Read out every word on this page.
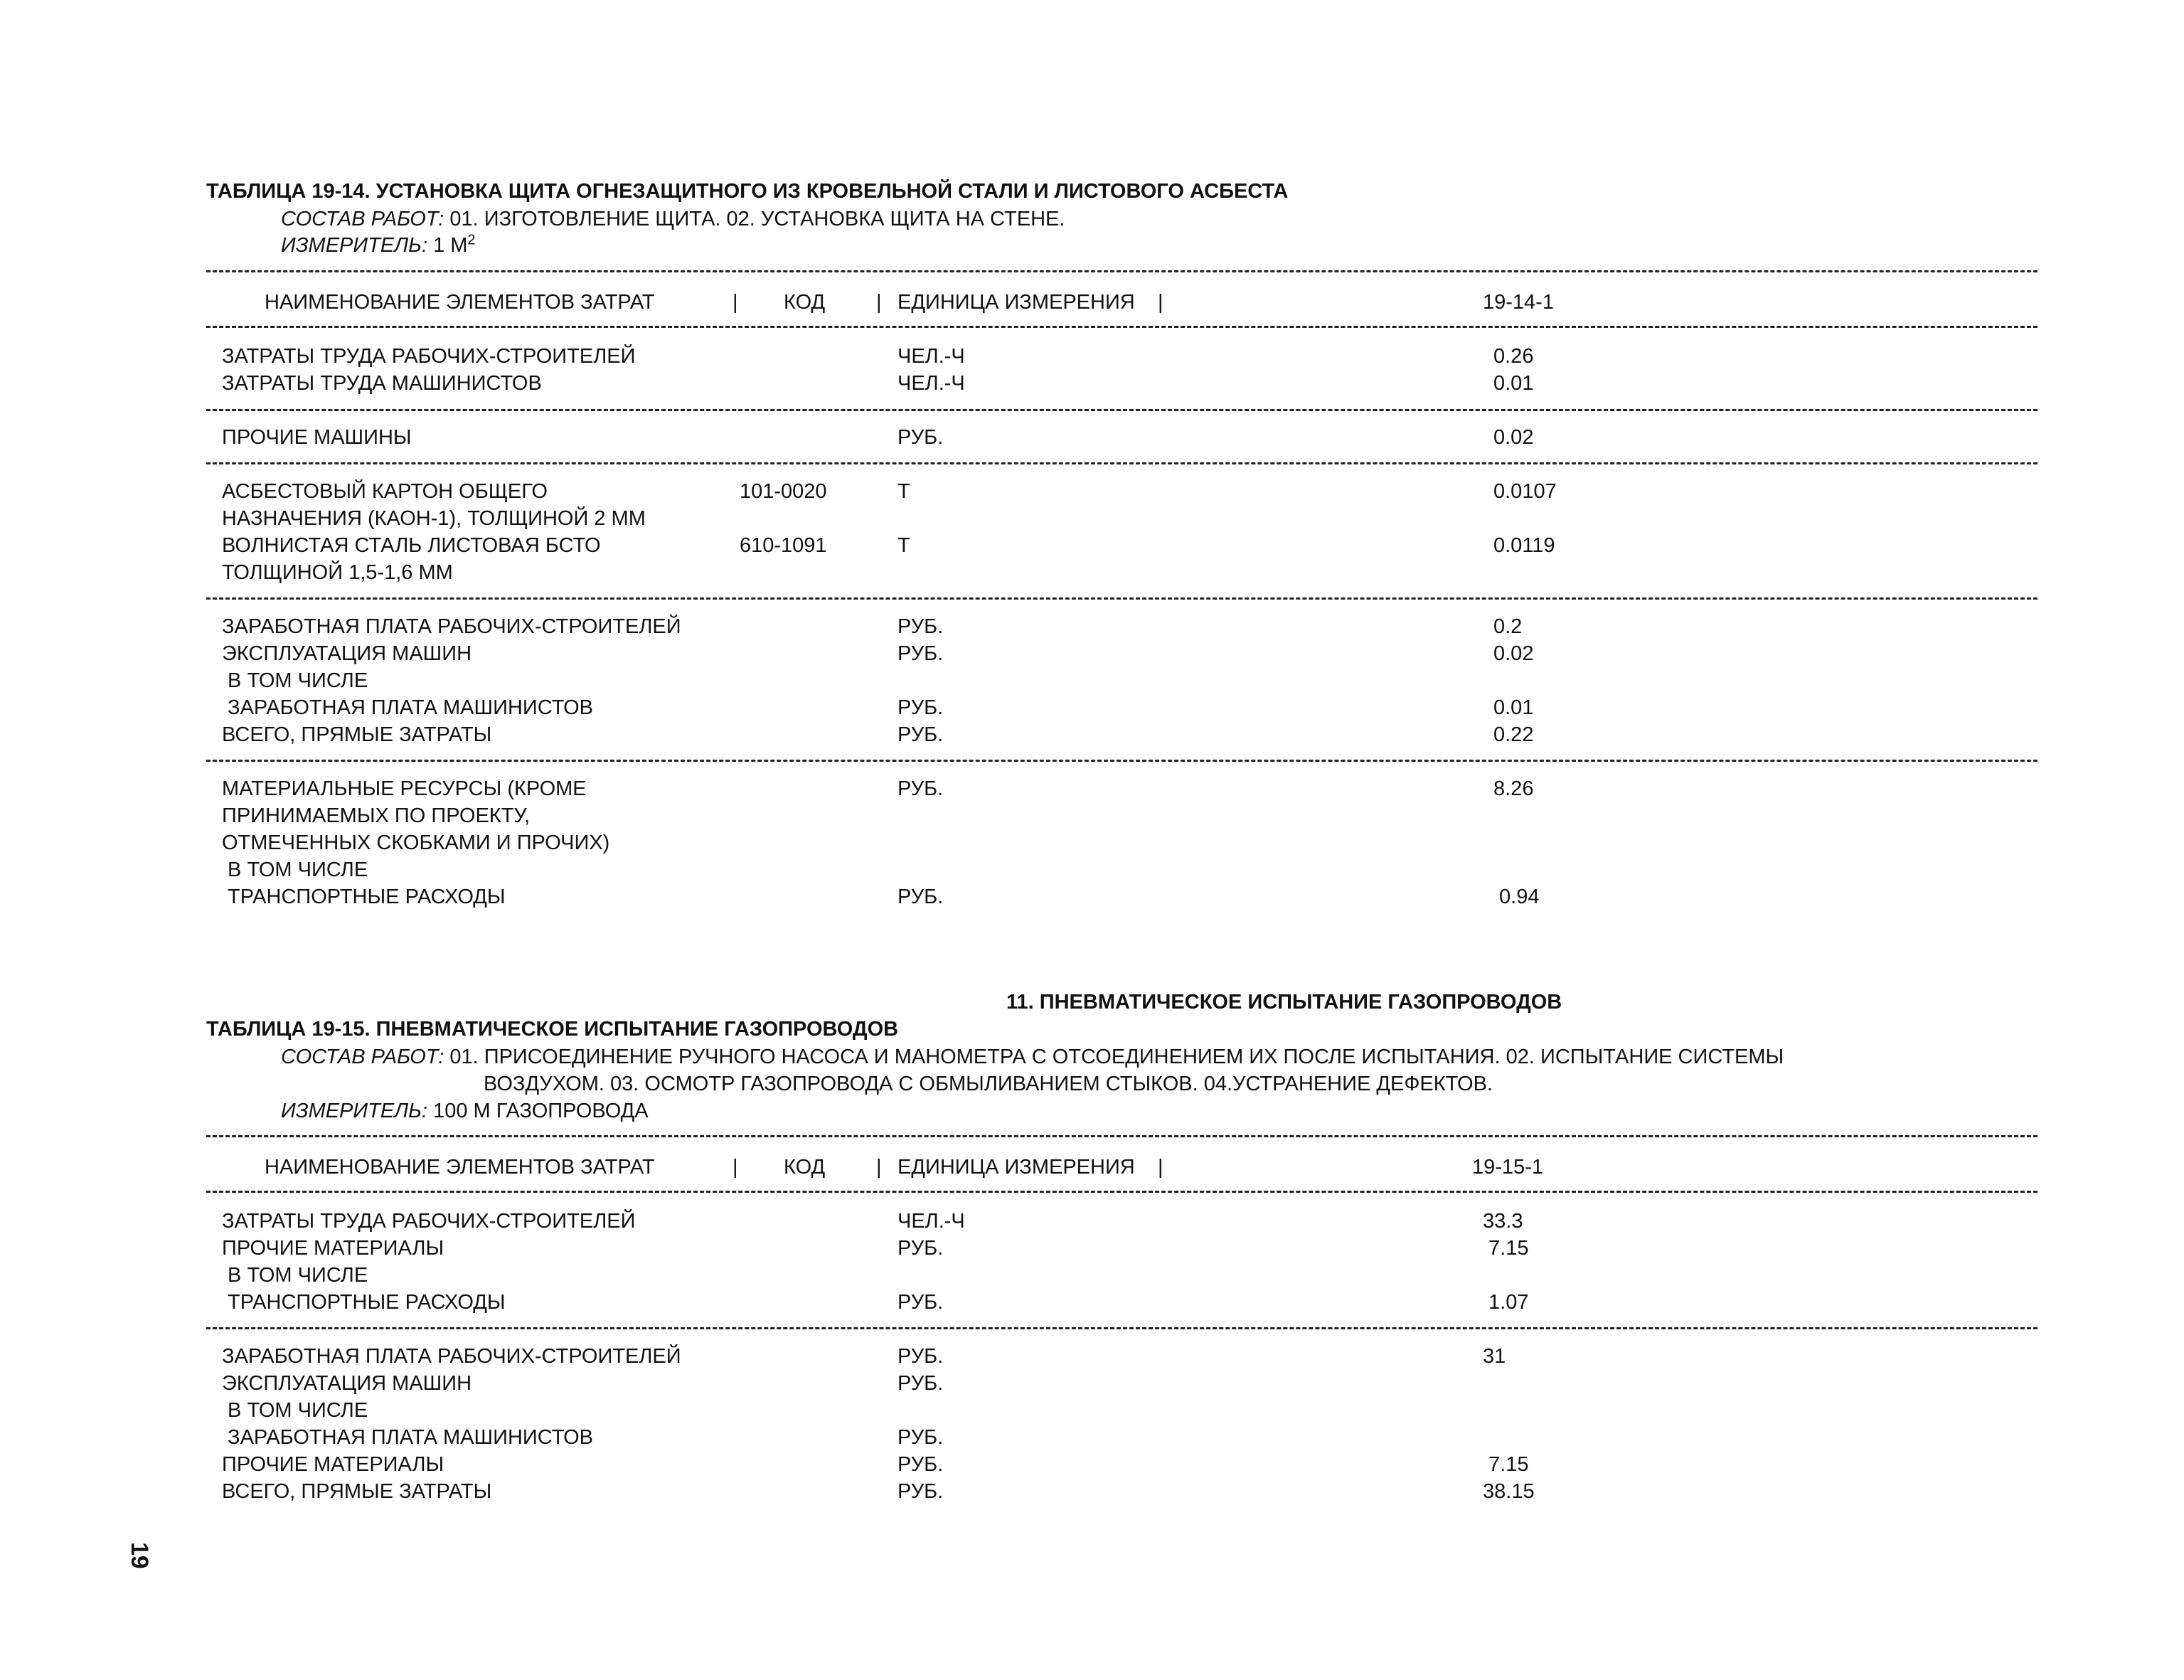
ТАБЛИЦА 19-14. УСТАНОВКА ЩИТА ОГНЕЗАЩИТНОГО ИЗ КРОВЕЛЬНОЙ СТАЛИ И ЛИСТОВОГО АСБЕСТА
СОСТАВ РАБОТ: 01. ИЗГОТОВЛЕНИЕ ЩИТА. 02. УСТАНОВКА ЩИТА НА СТЕНЕ.
ИЗМЕРИТЕЛЬ: 1 $М^2$
НАИМЕНОВАНИЕ ЭЛЕМЕНТОВ ЗАТРАТ	| КОД | ЕДИНИЦА ИЗМЕРЕНИЯ |	19-14-1
ЗАТРАТЫ ТРУДА РАБОЧИХ-СТРОИТЕЛЕЙ	ЧЕЛ.-Ч	0.26
ЗАТРАТЫ ТРУДА МАШИНИСТОВ	ЧЕЛ.-Ч	0.01
ПРОЧИЕ МАШИНЫ	РУБ.	0.02
АСБЕСТОВЫЙ КАРТОН ОБЩЕГО	101-0020	Т	0.0107
НАЗНАЧЕНИЯ (КАОН-1), ТОЛЩИНОЙ 2 ММ
ВОЛНИСТАЯ СТАЛЬ ЛИСТОВАЯ БСТО	610-1091	Т	0.0119
ТОЛЩИНОЙ 1,5-1,6 ММ
ЗАРАБОТНАЯ ПЛАТА РАБОЧИХ-СТРОИТЕЛЕЙ	РУБ.	0.2
ЭКСПЛУАТАЦИЯ МАШИН	РУБ.	0.02
В ТОМ ЧИСЛЕ
ЗАРАБОТНАЯ ПЛАТА МАШИНИСТОВ	РУБ.	0.01
ВСЕГО, ПРЯМЫЕ ЗАТРАТЫ	РУБ.	0.22
МАТЕРИАЛЬНЫЕ РЕСУРСЫ (КРОМЕ	РУБ.	8.26
ПРИНИМАЕМЫХ ПО ПРОЕКТУ,
ОТМЕЧЕННЫХ СКОБКАМИ И ПРОЧИХ)
В ТОМ ЧИСЛЕ
ТРАНСПОРТНЫЕ РАСХОДЫ	РУБ.	0.94
11. ПНЕВМАТИЧЕСКОЕ ИСПЫТАНИЕ ГАЗОПРОВОДОВ
ТАБЛИЦА 19-15. ПНЕВМАТИЧЕСКОЕ ИСПЫТАНИЕ ГАЗОПРОВОДОВ
СОСТАВ РАБОТ: 01. ПРИСОЕДИНЕНИЕ РУЧНОГО НАСОСА И МАНОМЕТРА С ОТСОЕДИНЕНИЕМ ИХ ПОСЛЕ ИСПЫТАНИЯ. 02. ИСПЫТАНИЕ СИСТЕМЫ
ВОЗДУХОМ. 03. ОСМОТР ГАЗОПРОВОДА С ОБМЫЛИВАНИЕМ СТЫКОВ. 04.УСТРАНЕНИЕ ДЕФЕКТОВ.
ИЗМЕРИТЕЛЬ: 100 М ГАЗОПРОВОДА
НАИМЕНОВАНИЕ ЭЛЕМЕНТОВ ЗАТРАТ	| КОД | ЕДИНИЦА ИЗМЕРЕНИЯ |	19-15-1
ЗАТРАТЫ ТРУДА РАБОЧИХ-СТРОИТЕЛЕЙ	ЧЕЛ.-Ч	33.3
ПРОЧИЕ МАТЕРИАЛЫ	РУБ.	7.15
В ТОМ ЧИСЛЕ
ТРАНСПОРТНЫЕ РАСХОДЫ	РУБ.	1.07
ЗАРАБОТНАЯ ПЛАТА РАБОЧИХ-СТРОИТЕЛЕЙ	РУБ.	31
ЭКСПЛУАТАЦИЯ МАШИН	РУБ.
В ТОМ ЧИСЛЕ
ЗАРАБОТНАЯ ПЛАТА МАШИНИСТОВ	РУБ.
ПРОЧИЕ МАТЕРИАЛЫ	РУБ.	7.15
ВСЕГО, ПРЯМЫЕ ЗАТРАТЫ	РУБ.	38.15
19
